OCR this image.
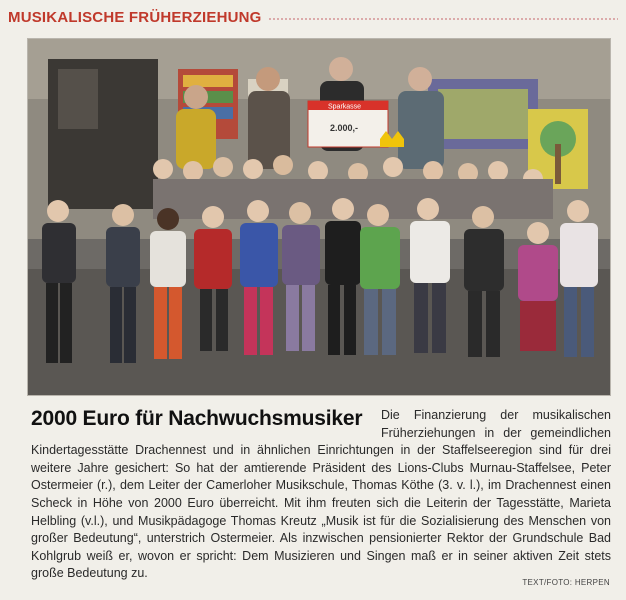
MUSIKALISCHE FRÜHERZIEHUNG
Sparkasse
2.000,-
Die Finanzierung der musikalischen Früherziehungen in der gemeindlichen Kindertagesstätte Drachennest und in ähnlichen Einrichtungen in der Staffelseeregion sind für drei weitere Jahre gesichert: So hat der amtierende Präsident des Lions-Clubs Murnau-Staffelsee, Peter Ostermeier (r.), dem Leiter der Camerloher Musikschule, Thomas Köthe (3. v. l.), im Drachennest einen Scheck in Höhe von 2000 Euro überreicht. Mit ihm freuten sich die Leiterin der Tagesstätte, Marieta Helbling (v.l.), und Musikpädagoge Thomas Kreutz „Musik ist für die Sozialisierung des Menschen von großer Bedeutung“, unterstrich Ostermeier. Als inzwischen pensionierter Rektor der Grundschule Bad Kohlgrub weiß er, wovon er spricht: Dem Musizieren und Singen maß er in seiner aktiven Zeit stets große Bedeutung zu.
2000 Euro für Nachwuchsmusiker
TEXT/FOTO: HERPEN
